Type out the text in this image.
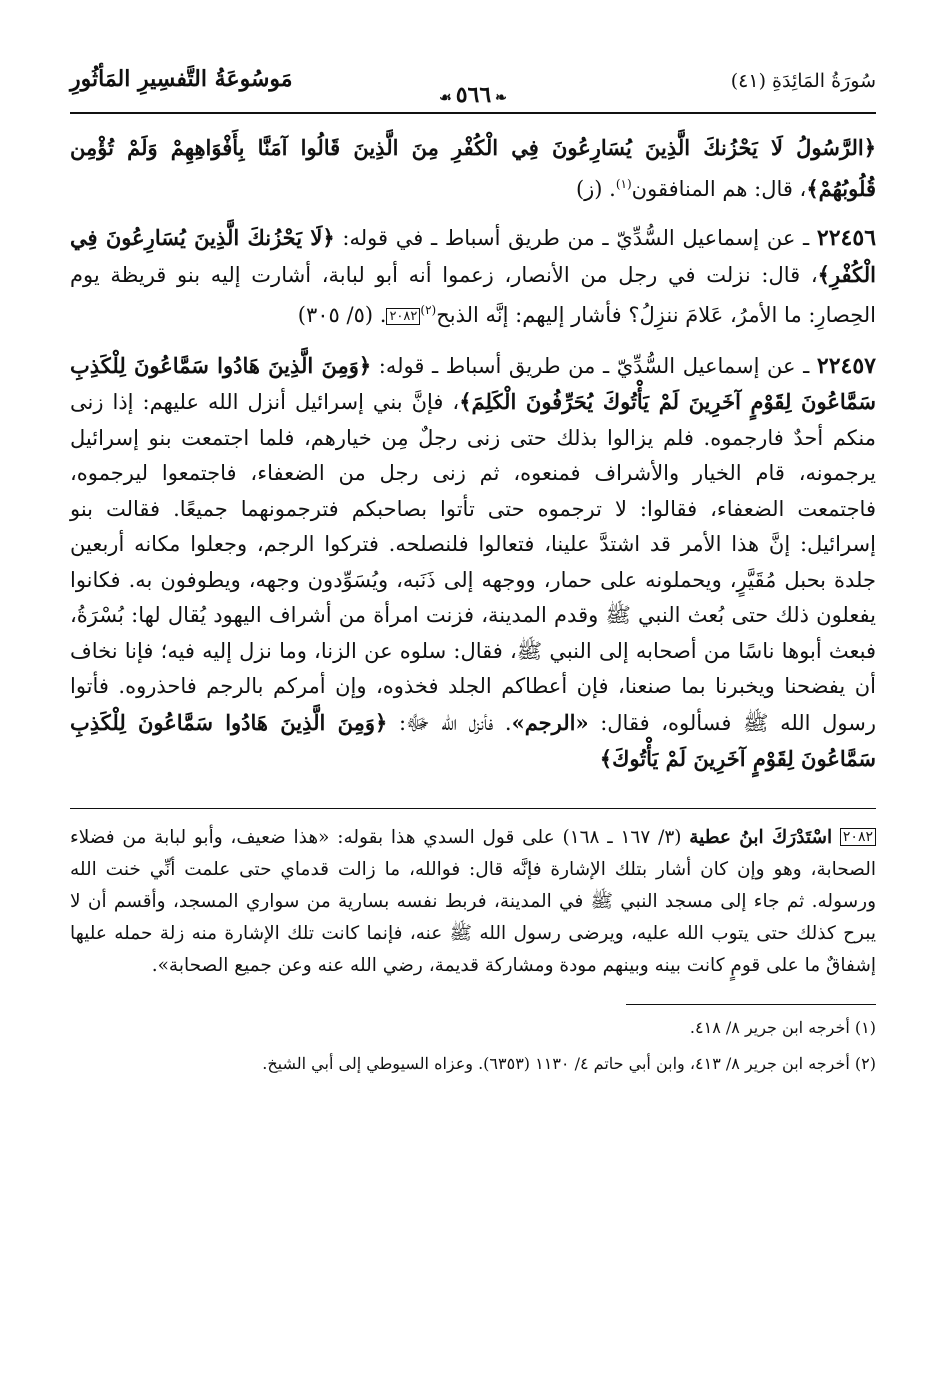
سُورَةُ المَائِدَةِ (٤١)
❧٥٦٦☙
مَوسُوعَةُ التَّفسِيرِ المَأثُورِ

﴿الرَّسُولُ لَا يَحْزُنكَ الَّذِينَ يُسَارِعُونَ فِي الْكُفْرِ مِنَ الَّذِينَ قَالُوا آمَنَّا بِأَفْوَاهِهِمْ وَلَمْ تُؤْمِن قُلُوبُهُمْ﴾، قال: هم المنافقون$^{(١)}$. (ز)

٢٢٤٥٦ ـ عن إسماعيل السُّدِّيّ ـ من طريق أسباط ـ في قوله: ﴿لَا يَحْزُنكَ الَّذِينَ يُسَارِعُونَ فِي الْكُفْرِ﴾، قال: نزلت في رجل من الأنصار، زعموا أنه أبو لبابة، أشارت إليه بنو قريظة يوم الحِصارِ: ما الأمرُ، عَلامَ ننزِلُ؟ فأشار إليهم: إنَّه الذبح$^{(٢)}$٢٠٨٢. (٥/ ٣٠٥)

٢٢٤٥٧ ـ عن إسماعيل السُّدِّيّ ـ من طريق أسباط ـ قوله: ﴿وَمِنَ الَّذِينَ هَادُوا سَمَّاعُونَ لِلْكَذِبِ سَمَّاعُونَ لِقَوْمٍ آخَرِينَ لَمْ يَأْتُوكَ يُحَرِّفُونَ الْكَلِمَ﴾، فإنَّ بني إسرائيل أنزل الله عليهم: إذا زنى منكم أحدٌ فارجموه. فلم يزالوا بذلك حتى زنى رجلٌ مِن خيارهم، فلما اجتمعت بنو إسرائيل يرجمونه، قام الخيار والأشراف فمنعوه، ثم زنى رجل من الضعفاء، فاجتمعوا ليرجموه، فاجتمعت الضعفاء، فقالوا: لا ترجموه حتى تأتوا بصاحبكم فترجمونهما جميعًا. فقالت بنو إسرائيل: إنَّ هذا الأمر قد اشتدَّ علينا، فتعالوا فلنصلحه. فتركوا الرجم، وجعلوا مكانه أربعين جلدة بحبل مُقَيَّرٍ، ويحملونه على حمار، ووجهه إلى ذَنَبه، ويُسَوِّدون وجهه، ويطوفون به. فكانوا يفعلون ذلك حتى بُعث النبي ﷺ وقدم المدينة، فزنت امرأة من أشراف اليهود يُقال لها: بُسْرَةُ، فبعث أبوها ناسًا من أصحابه إلى النبي ﷺ، فقال: سلوه عن الزنا، وما نزل إليه فيه؛ فإنا نخاف أن يفضحنا ويخبرنا بما صنعنا، فإن أعطاكم الجلد فخذوه، وإن أمركم بالرجم فاحذروه. فأتوا رسول الله ﷺ فسألوه، فقال: «الرجم». فأنزل الله ﷻ: ﴿وَمِنَ الَّذِينَ هَادُوا سَمَّاعُونَ لِلْكَذِبِ سَمَّاعُونَ لِقَوْمٍ آخَرِينَ لَمْ يَأْتُوكَ﴾

٢٠٨٢ اسْتَدْرَكَ ابنُ عطية (٣/ ١٦٧ ـ ١٦٨) على قول السدي هذا بقوله: «هذا ضعيف، وأبو لبابة من فضلاء الصحابة، وهو وإن كان أشار بتلك الإشارة فإنَّه قال: فوالله، ما زالت قدماي حتى علمت أنِّي خنت الله ورسوله. ثم جاء إلى مسجد النبي ﷺ في المدينة، فربط نفسه بسارية من سواري المسجد، وأقسم أن لا يبرح كذلك حتى يتوب الله عليه، ويرضى رسول الله ﷺ عنه، فإنما كانت تلك الإشارة منه زلة حمله عليها إشفاقٌ ما على قومٍ كانت بينه وبينهم مودة ومشاركة قديمة، رضي الله عنه وعن جميع الصحابة».
(١) أخرجه ابن جرير ٨/ ٤١٨.
(٢) أخرجه ابن جرير ٨/ ٤١٣، وابن أبي حاتم ٤/ ١١٣٠ (٦٣٥٣). وعزاه السيوطي إلى أبي الشيخ.
